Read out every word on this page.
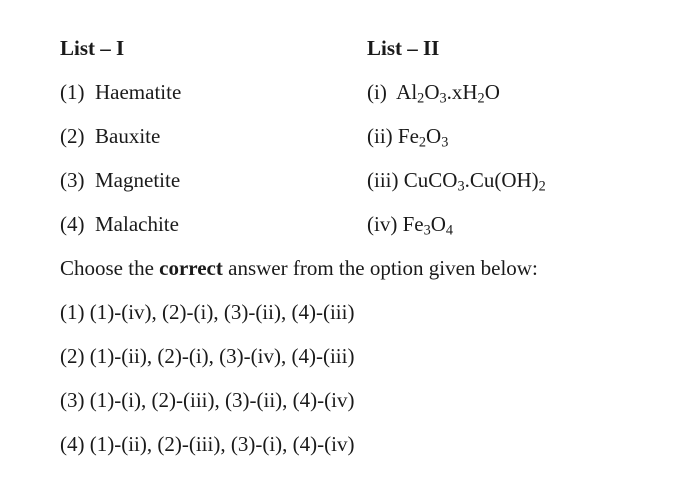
List – I	List – II
(1) Haematite
(2) Bauxite
(3) Magnetite
(4) Malachite
(i) $Al_2O_3.xH_2O$
(ii) $Fe_2O_3$
(iii) $CuCO_3.Cu(OH)_2$
(iv) $Fe_3O_4$
Choose the correct answer from the option given below:
(1) (1)-(iv), (2)-(i), (3)-(ii), (4)-(iii)
(2) (1)-(ii), (2)-(i), (3)-(iv), (4)-(iii)
(3) (1)-(i), (2)-(iii), (3)-(ii), (4)-(iv)
(4) (1)-(ii), (2)-(iii), (3)-(i), (4)-(iv)
